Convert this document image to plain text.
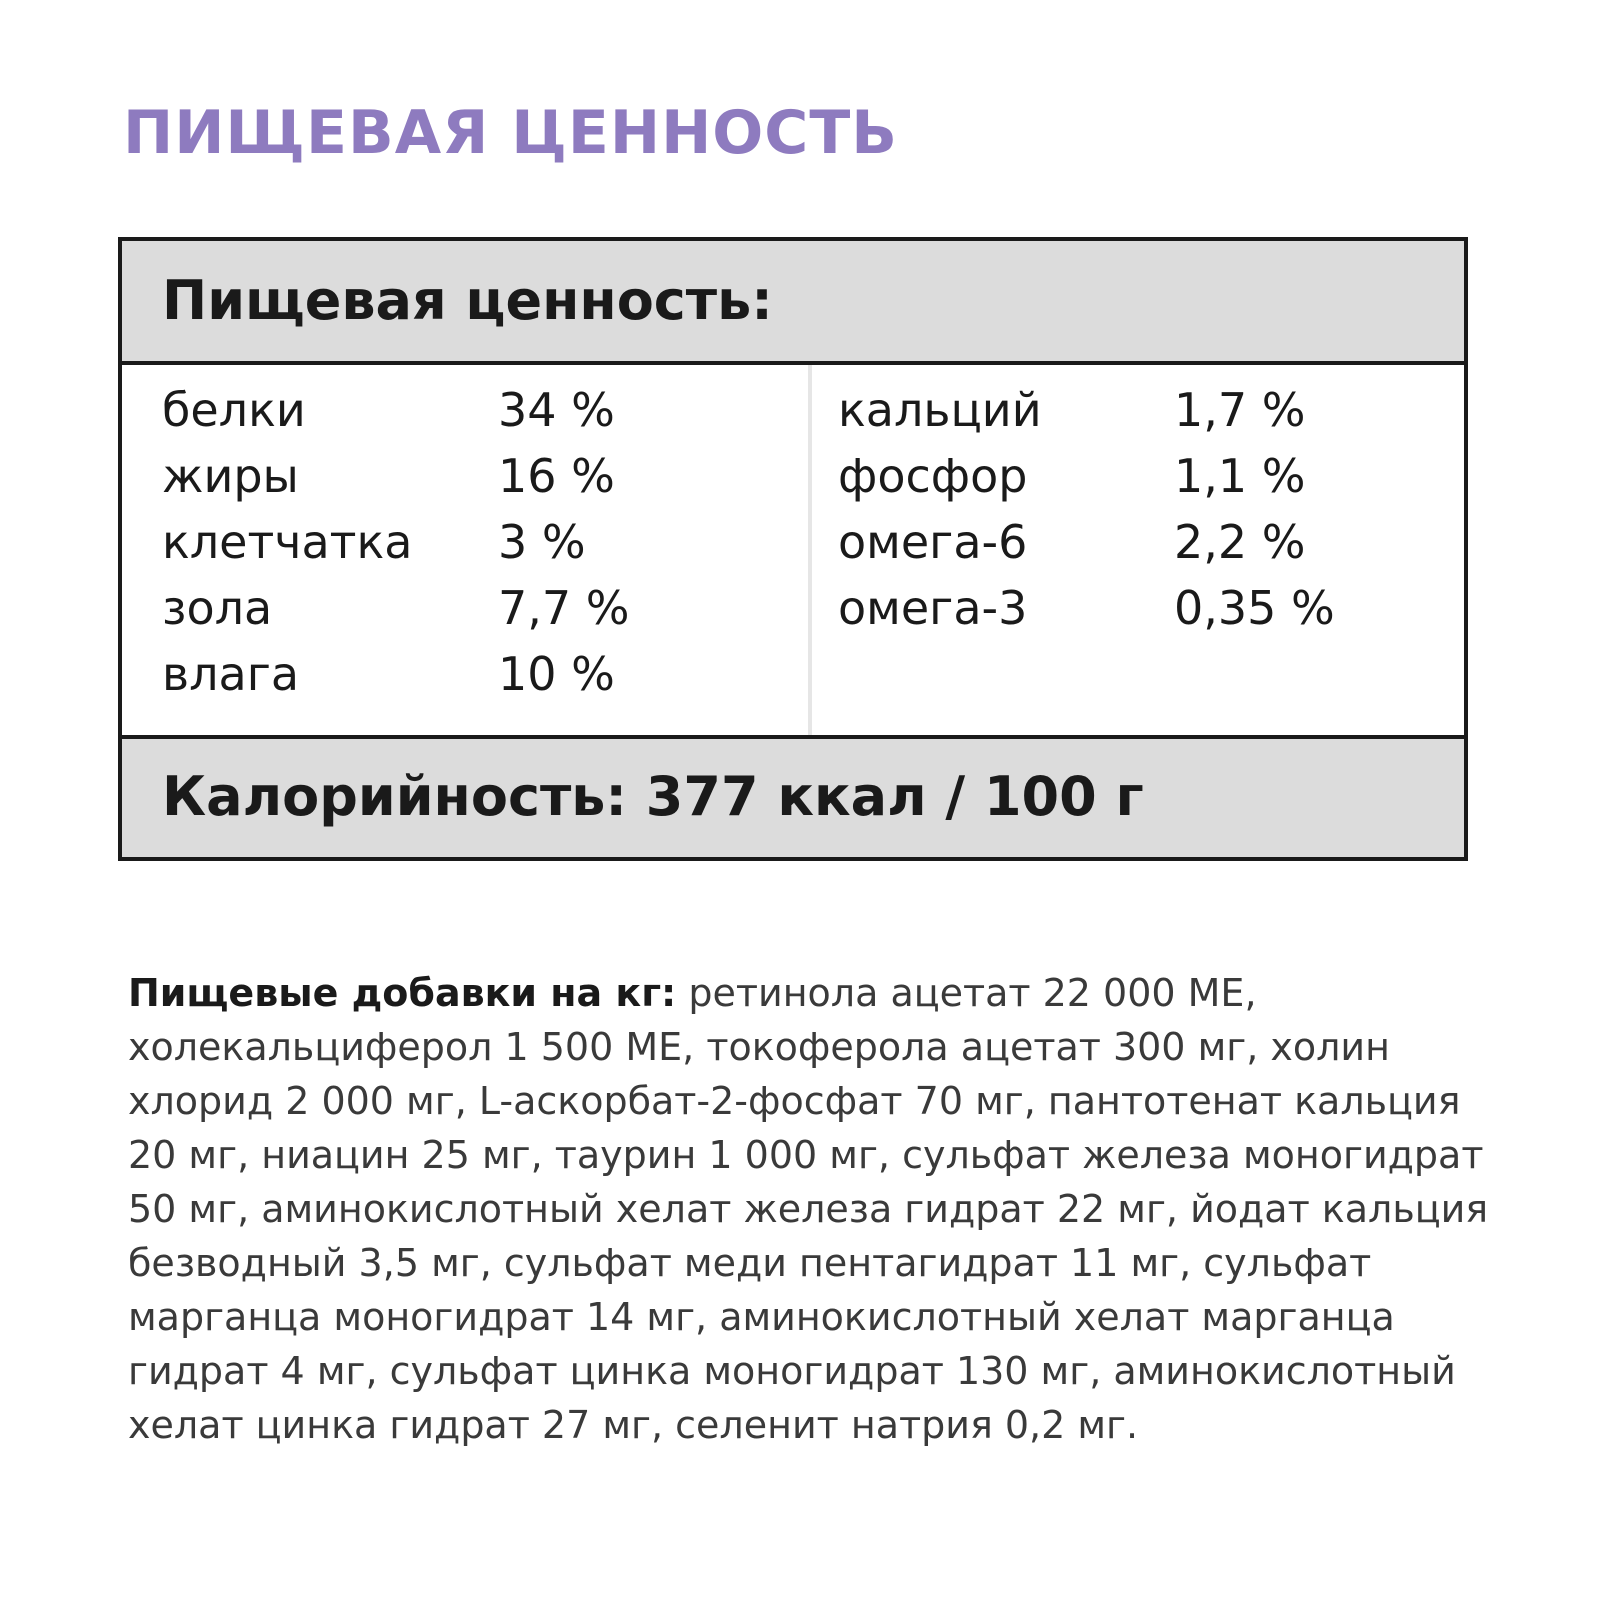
ПИЩЕВАЯ ЦЕННОСТЬ
Пищевая ценность:
белки	34 %
жиры	16 %
клетчатка 3 %
зола	7,7 %
влага	10 %
кальций	1,7 %
фосфор	1,1 %
омега-6	2,2 %
омега-3	0,35 %
Калорийность: 377 ккал / 100 г
Пищевые добавки на кг: ретинола ацетат 22 000 МЕ, холекальциферол 1 500 МЕ, токоферола ацетат 300 мг, холин хлорид 2 000 мг, L-аскорбат-2-фосфат 70 мг, пантотенат кальция 20 мг, ниацин 25 мг, таурин 1 000 мг, сульфат железа моногидрат 50 мг, аминокислотный хелат железа гидрат 22 мг, йодат кальция безводный 3,5 мг, сульфат меди пентагидрат 11 мг, сульфат марганца моногидрат 14 мг, аминокислотный хелат марганца гидрат 4 мг, сульфат цинка моногидрат 130 мг, аминокислотный хелат цинка гидрат 27 мг, селенит натрия 0,2 мг.
